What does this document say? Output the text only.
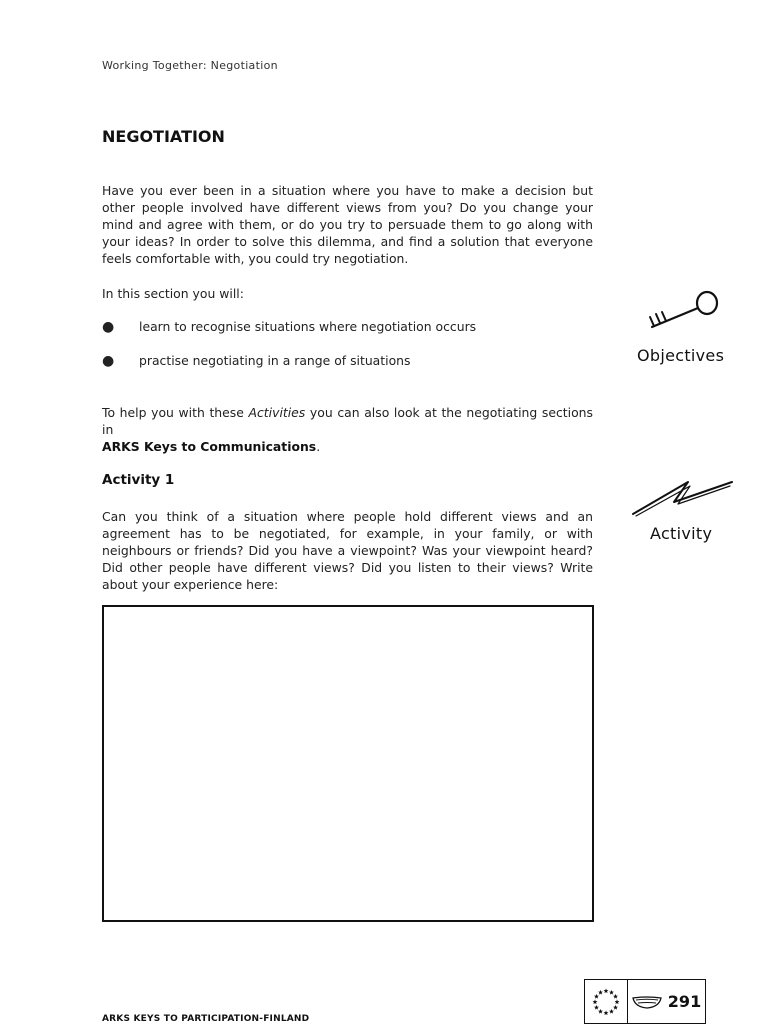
Working Together: Negotiation
NEGOTIATION

Have you ever been in a situation where you have to make a decision but other people involved have different views from you? Do you change your mind and agree with them, or do you try to persuade them to go along with your ideas? In order to solve this dilemma, and find a solution that everyone feels comfortable with, you could try negotiation.

In this section you will:

● learn to recognise situations where negotiation occurs
● practise negotiating in a range of situations

To help you with these Activities you can also look at the negotiating sections in
ARKS Keys to Communications.

Activity 1

Can you think of a situation where people hold different views and an agreement has to be negotiated, for example, in your family, or with neighbours or friends? Did you have a viewpoint? Was your viewpoint heard? Did other people have different views? Did you listen to their views? Write about your experience here:

Objectives
Activity
ARKS KEYS TO PARTICIPATION-FINLAND
291
